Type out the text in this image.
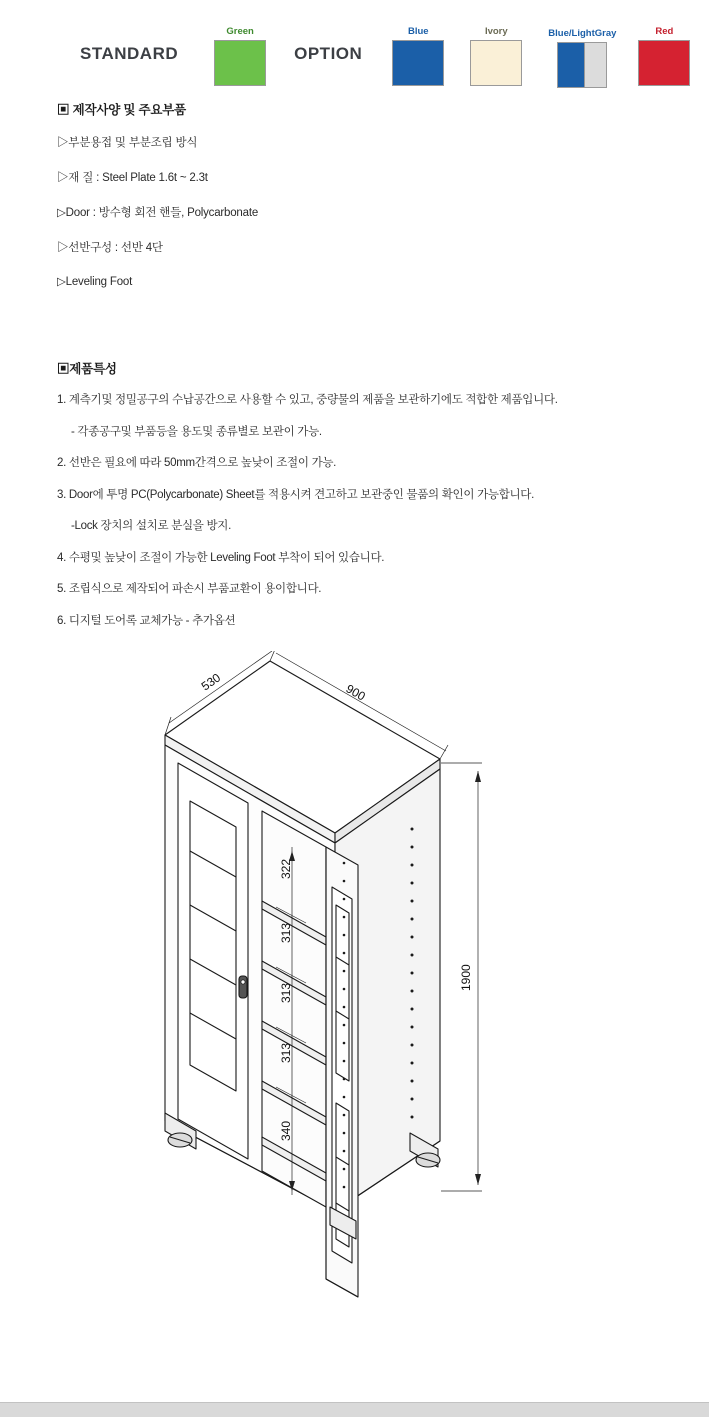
STANDARD
Green
OPTION
Blue	Ivory	Blue/LightGray	Red
▣ 제작사양 및 주요부품
▷부분용접 및 부분조립 방식
▷재 질 : Steel Plate 1.6t ~ 2.3t
▷Door : 방수형 회전 핸들, Polycarbonate
▷선반구성 : 선반 4단
▷Leveling Foot
▣제품특성
1. 계측기및 정밀공구의 수납공간으로 사용할 수 있고, 중량물의 제품을 보관하기에도 적합한 제품입니다.
- 각종공구및 부품등을 용도및 종류별로 보관이 가능.
2. 선반은 필요에 따라 50mm간격으로 높낮이 조절이 가능.
3. Door에 투명 PC(Polycarbonate) Sheet를 적용시켜 견고하고 보관중인 물품의 확인이 가능합니다.
-Lock 장치의 설치로 분실을 방지.
4. 수평및 높낮이 조절이 가능한 Leveling Foot 부착이 되어 있습니다.
5. 조립식으로 제작되어 파손시 부품교환이 용이합니다.
6. 디지털 도어록 교체가능 - 추가옵션
530	900
1900
322
313
313
313
340
